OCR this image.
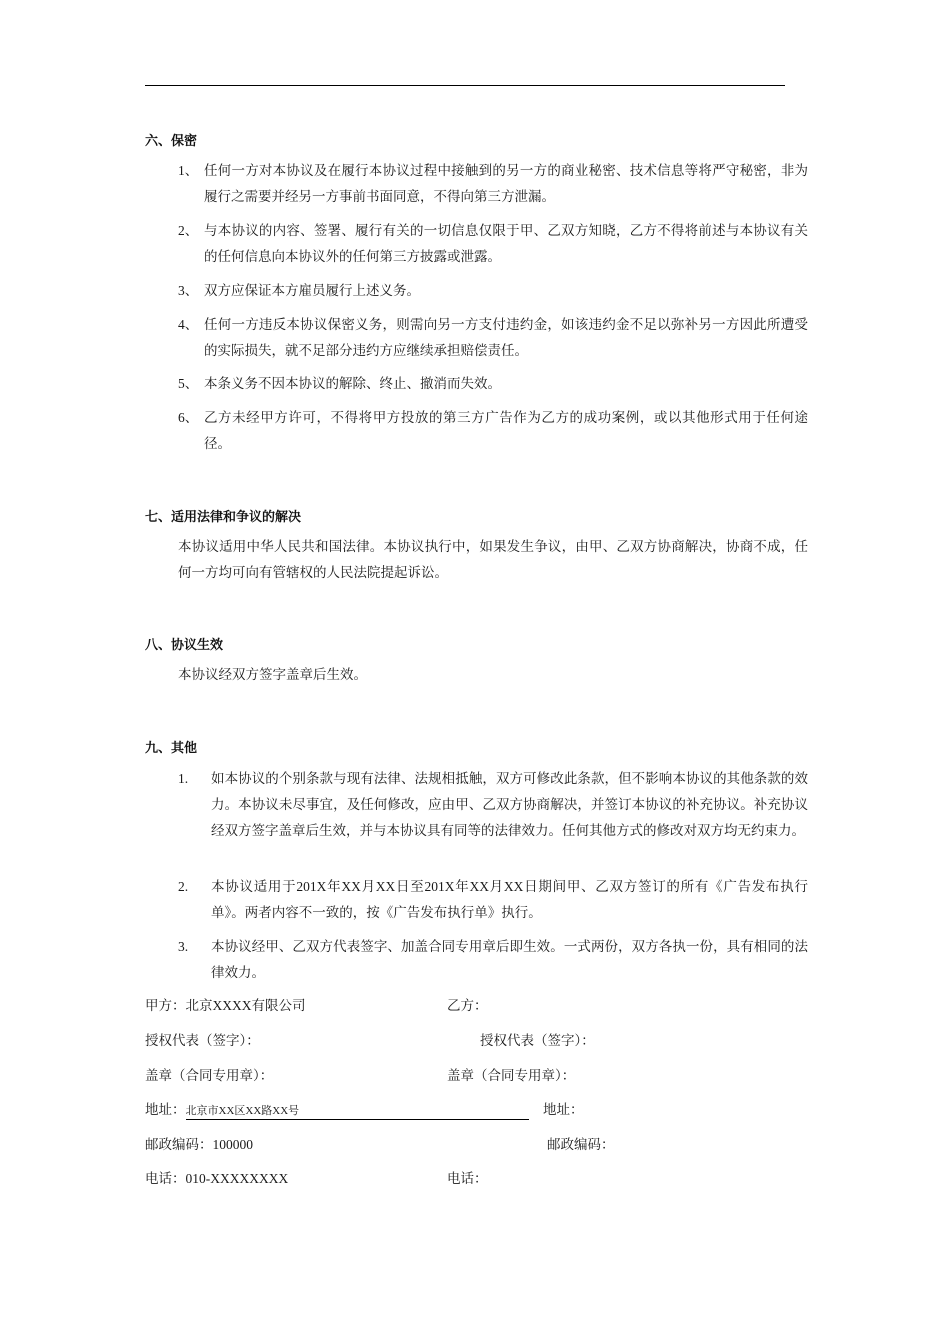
六、保密
1、 任何一方对本协议及在履行本协议过程中接触到的另一方的商业秘密、技术信息等将严守秘密，非为履行之需要并经另一方事前书面同意，不得向第三方泄漏。
2、 与本协议的内容、签署、履行有关的一切信息仅限于甲、乙双方知晓，乙方不得将前述与本协议有关的任何信息向本协议外的任何第三方披露或泄露。
3、 双方应保证本方雇员履行上述义务。
4、 任何一方违反本协议保密义务，则需向另一方支付违约金，如该违约金不足以弥补另一方因此所遭受的实际损失，就不足部分违约方应继续承担赔偿责任。
5、 本条义务不因本协议的解除、终止、撤消而失效。
6、 乙方未经甲方许可，不得将甲方投放的第三方广告作为乙方的成功案例，或以其他形式用于任何途径。
七、适用法律和争议的解决
本协议适用中华人民共和国法律。本协议执行中，如果发生争议，由甲、乙双方协商解决，协商不成，任何一方均可向有管辖权的人民法院提起诉讼。
八、协议生效
本协议经双方签字盖章后生效。
九、其他
1. 如本协议的个别条款与现有法律、法规相抵触，双方可修改此条款，但不影响本协议的其他条款的效力。本协议未尽事宜，及任何修改，应由甲、乙双方协商解决，并签订本协议的补充协议。补充协议经双方签字盖章后生效，并与本协议具有同等的法律效力。任何其他方式的修改对双方均无约束力。
2. 本协议适用于201X年XX月XX日至201X年XX月XX日期间甲、乙双方签订的所有《广告发布执行单》。两者内容不一致的，按《广告发布执行单》执行。
3. 本协议经甲、乙双方代表签字、加盖合同专用章后即生效。一式两份，双方各执一份，具有相同的法律效力。
甲方：北京XXXX有限公司	乙方：
授权代表（签字）：	授权代表（签字）：
盖章（合同专用章）：	盖章（合同专用章）：
地址：北京市XX区XX路XX号	地址：
邮政编码：100000	邮政编码：
电话：010-XXXXXXXX	电话：
